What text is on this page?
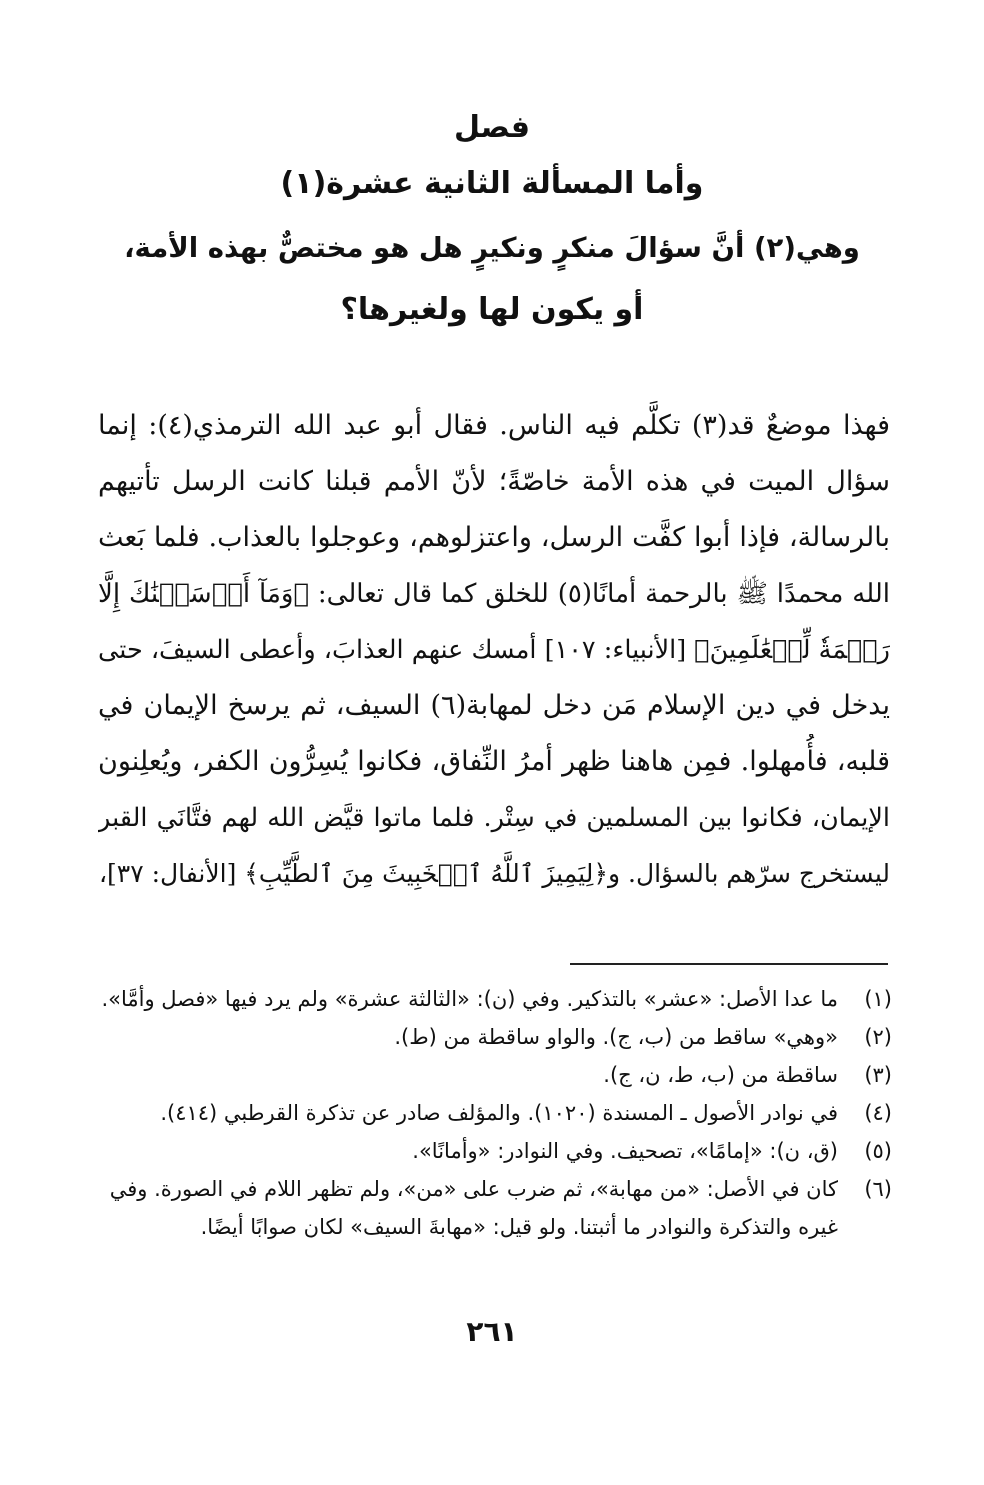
فصل
وأما المسألة الثانية عشرة(١)
وهي(٢) أنَّ سؤالَ منكرٍ ونكيرٍ هل هو مختصٌّ بهذه الأمة،
أو يكون لها ولغيرها؟
فهذا موضعٌ قد(٣) تكلَّم فيه الناس. فقال أبو عبد الله الترمذي(٤): إنما
سؤال الميت في هذه الأمة خاصّةً؛ لأنّ الأمم قبلنا كانت الرسل تأتيهم
بالرسالة، فإذا أبوا كفَّت الرسل، واعتزلوهم، وعوجلوا بالعذاب. فلما بَعث
الله محمدًا ﷺ بالرحمة أمانًا(٥) للخلق كما قال تعالى: ﴿وَمَآ أَرۡسَلۡنَٰكَ إِلَّا
رَحۡمَةٗ لِّلۡعَٰلَمِينَ﴾ [الأنبياء: ١٠٧] أمسك عنهم العذابَ، وأعطى السيفَ، حتى
يدخل في دين الإسلام مَن دخل لمهابة(٦) السيف، ثم يرسخ الإيمان في
قلبه، فأُمهلوا. فمِن هاهنا ظهر أمرُ النِّفاق، فكانوا يُسِرُّون الكفر، ويُعلِنون
الإيمان، فكانوا بين المسلمين في سِتْر. فلما ماتوا قيَّض الله لهم فتَّانَي القبر
ليستخرج سرّهم بالسؤال. و﴿لِيَمِيزَ ٱللَّهُ ٱلۡخَبِيثَ مِنَ ٱلطَّيِّبِ﴾ [الأنفال: ٣٧]،
(١)ما عدا الأصل: «عشر» بالتذكير. وفي (ن): «الثالثة عشرة» ولم يرد فيها «فصل وأمَّا».
(٢)«وهي» ساقط من (ب، ج). والواو ساقطة من (ط).
(٣)ساقطة من (ب، ط، ن، ج).
(٤)في نوادر الأصول ـ المسندة (١٠٢٠). والمؤلف صادر عن تذكرة القرطبي (٤١٤).
(٥)(ق، ن): «إمامًا»، تصحيف. وفي النوادر: «وأمانًا».
(٦)كان في الأصل: «من مهابة»، ثم ضرب على «من»، ولم تظهر اللام في الصورة. وفي
غيره والتذكرة والنوادر ما أثبتنا. ولو قيل: «مهابةَ السيف» لكان صوابًا أيضًا.
٢٦١
